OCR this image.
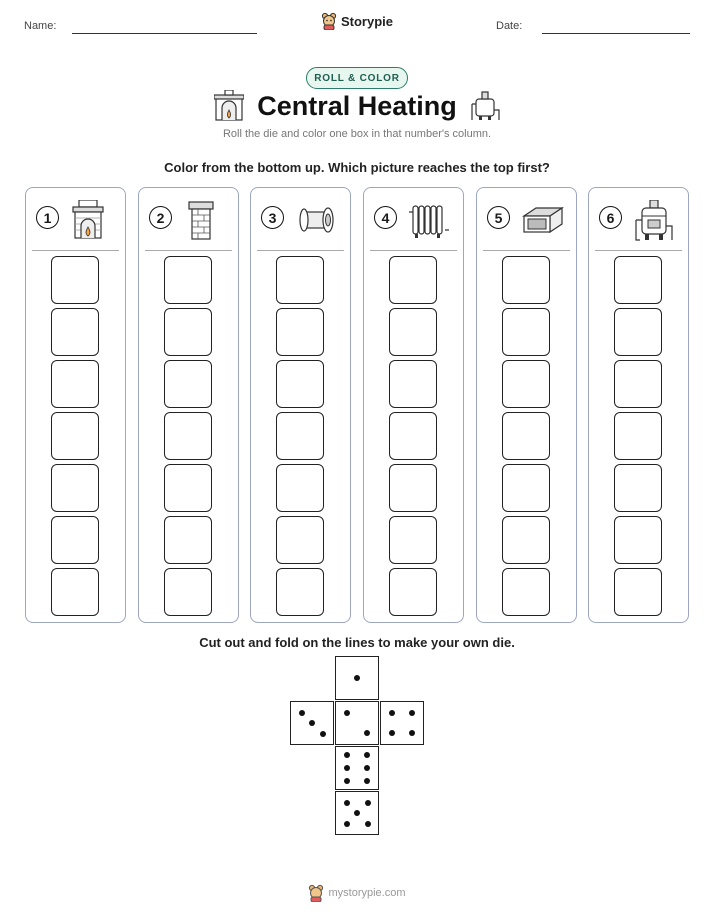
Name:	Storypie	Date:
ROLL & COLOR
Central Heating
Roll the die and color one box in that number's column.
Color from the bottom up. Which picture reaches the top first?
1	2	3	4	5	6
Cut out and fold on the lines to make your own die.
mystorypie.com
